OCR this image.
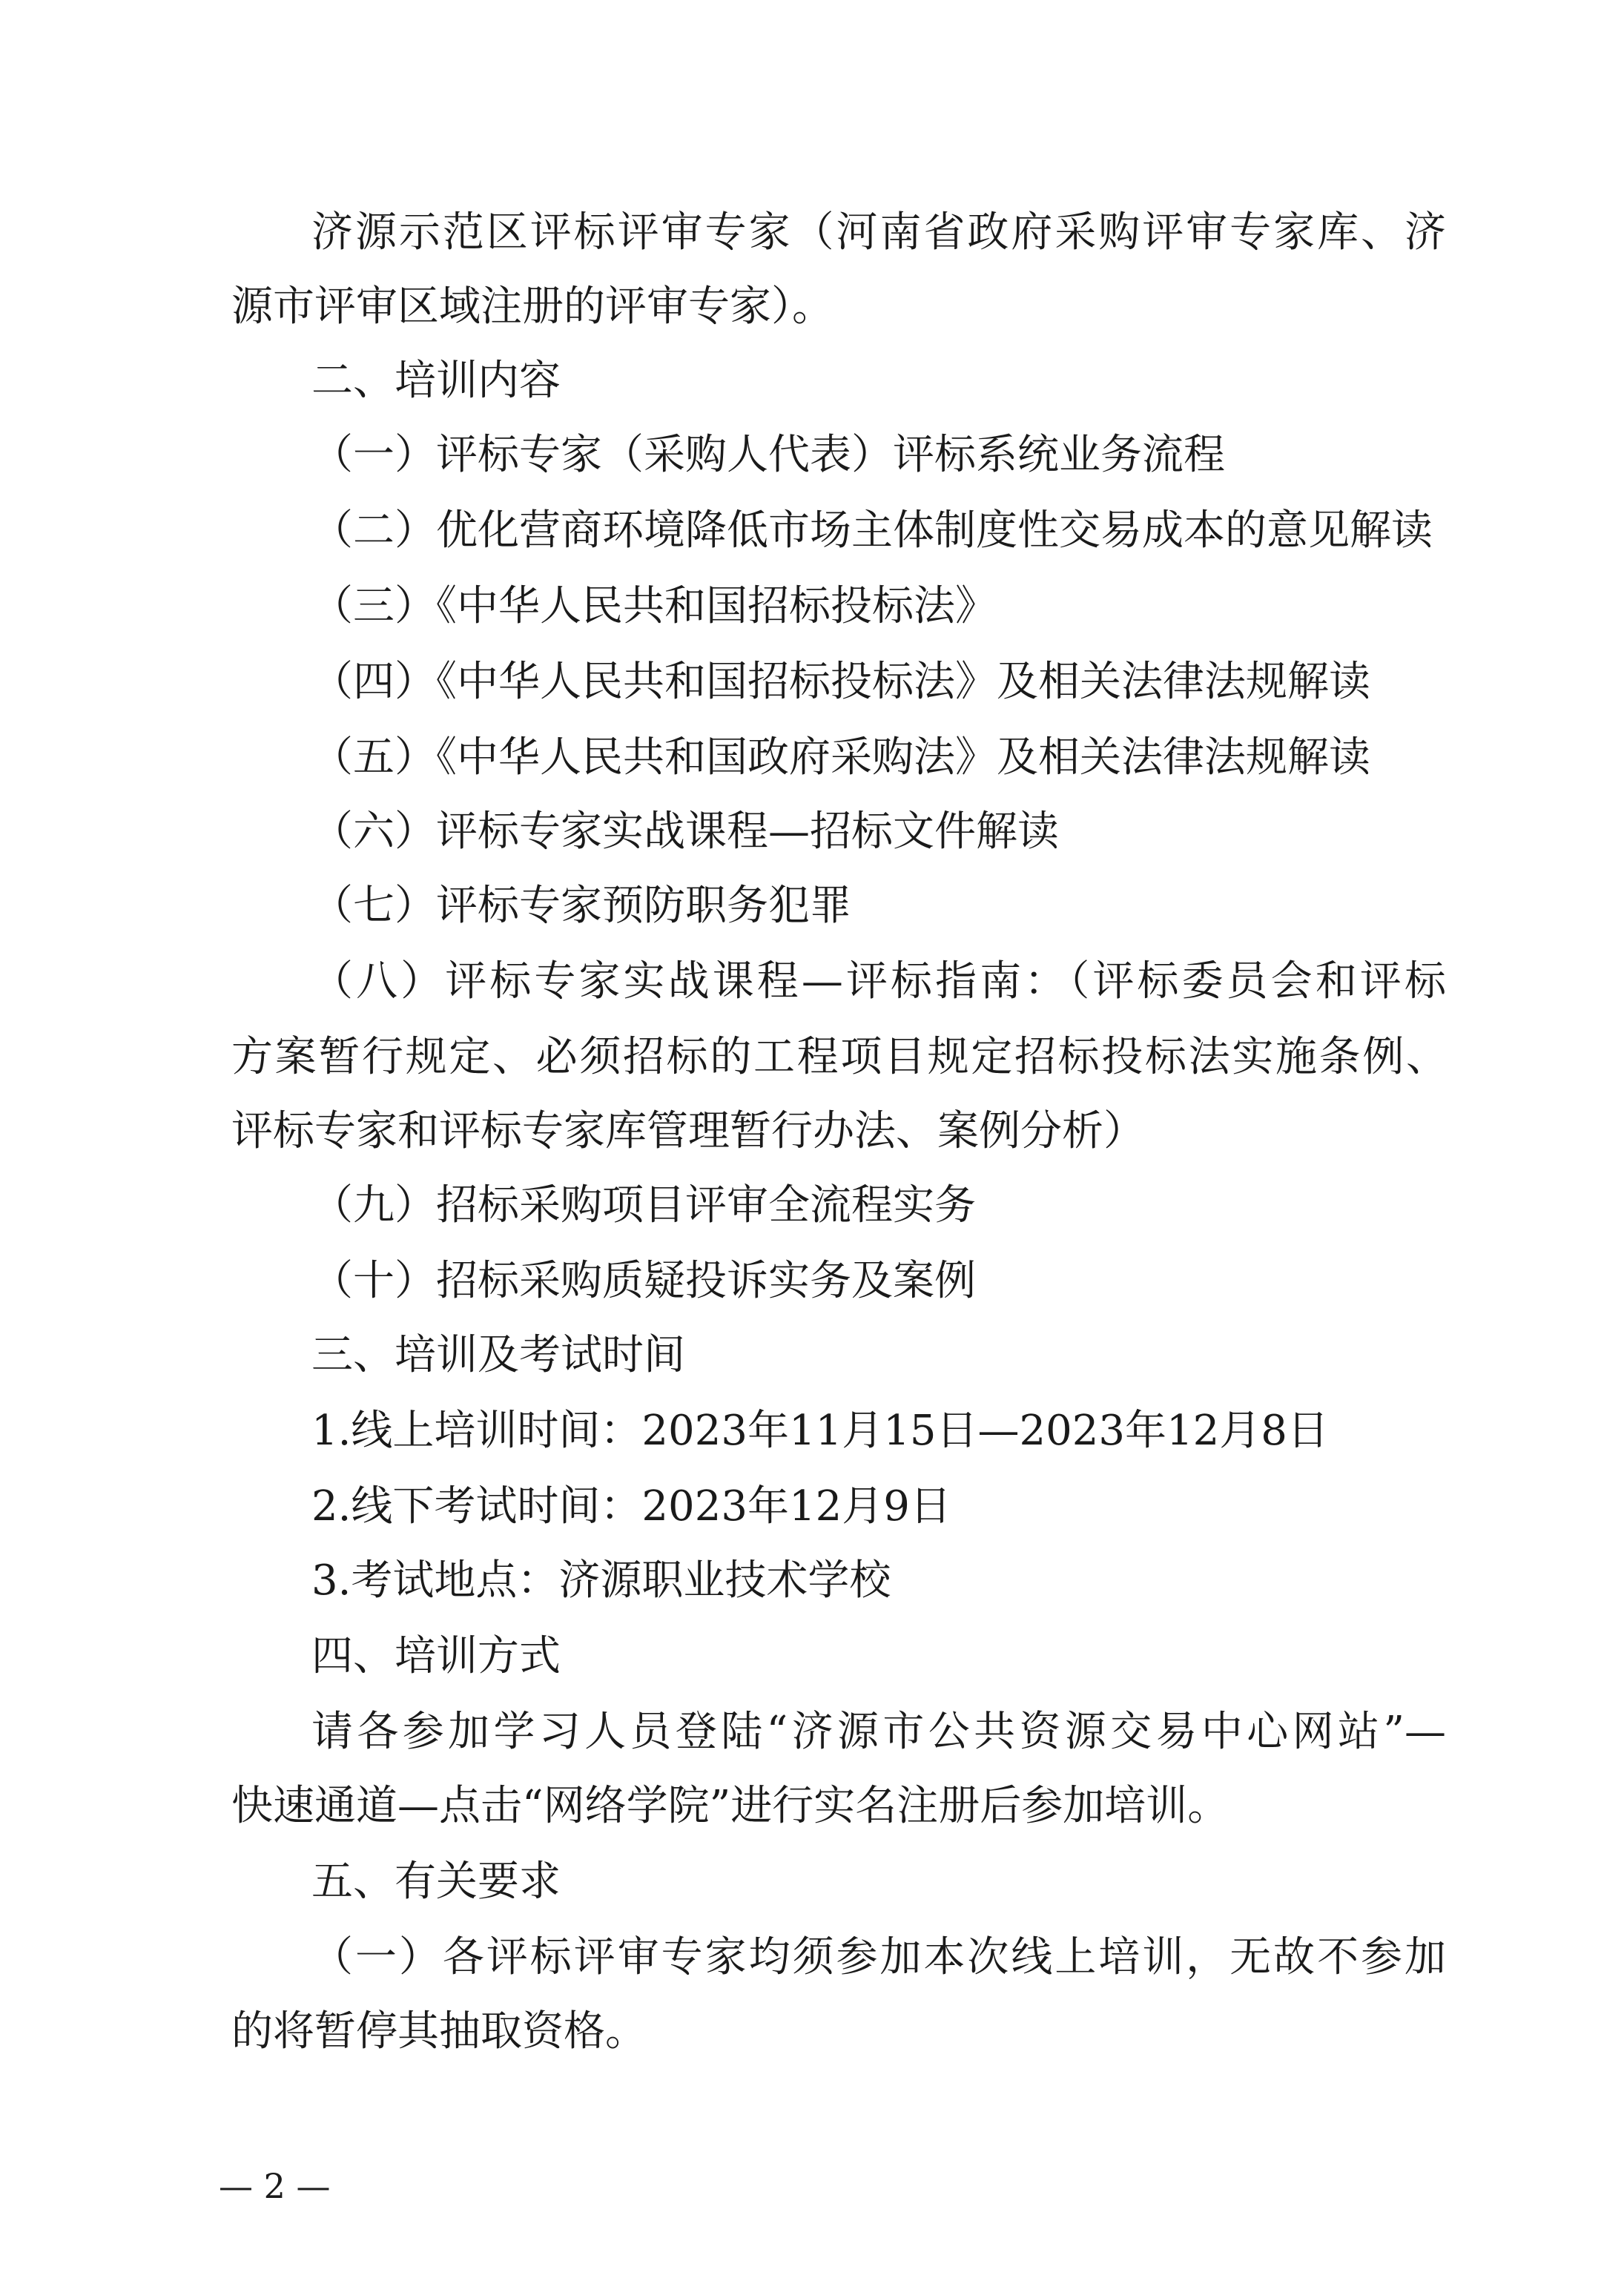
济源示范区评标评审专家（河南省政府采购评审专家库、济
源市评审区域注册的评审专家）。
二、培训内容
（一）评标专家（采购人代表）评标系统业务流程
（二）优化营商环境降低市场主体制度性交易成本的意见解读
（三）《中华人民共和国招标投标法》
（四）《中华人民共和国招标投标法》及相关法律法规解读
（五）《中华人民共和国政府采购法》及相关法律法规解读
（六）评标专家实战课程—招标文件解读
（七）评标专家预防职务犯罪
（八）评标专家实战课程—评标指南：（评标委员会和评标
方案暂行规定、必须招标的工程项目规定招标投标法实施条例、
评标专家和评标专家库管理暂行办法、案例分析）
（九）招标采购项目评审全流程实务
（十）招标采购质疑投诉实务及案例
三、培训及考试时间
1.线上培训时间：2023年11月15日—2023年12月8日
2.线下考试时间：2023年12月9日
3.考试地点：济源职业技术学校
四、培训方式
请各参加学习人员登陆“济源市公共资源交易中心网站”—
快速通道—点击“网络学院”进行实名注册后参加培训。
五、有关要求
（一）各评标评审专家均须参加本次线上培训，无故不参加
的将暂停其抽取资格。
— 2 —
